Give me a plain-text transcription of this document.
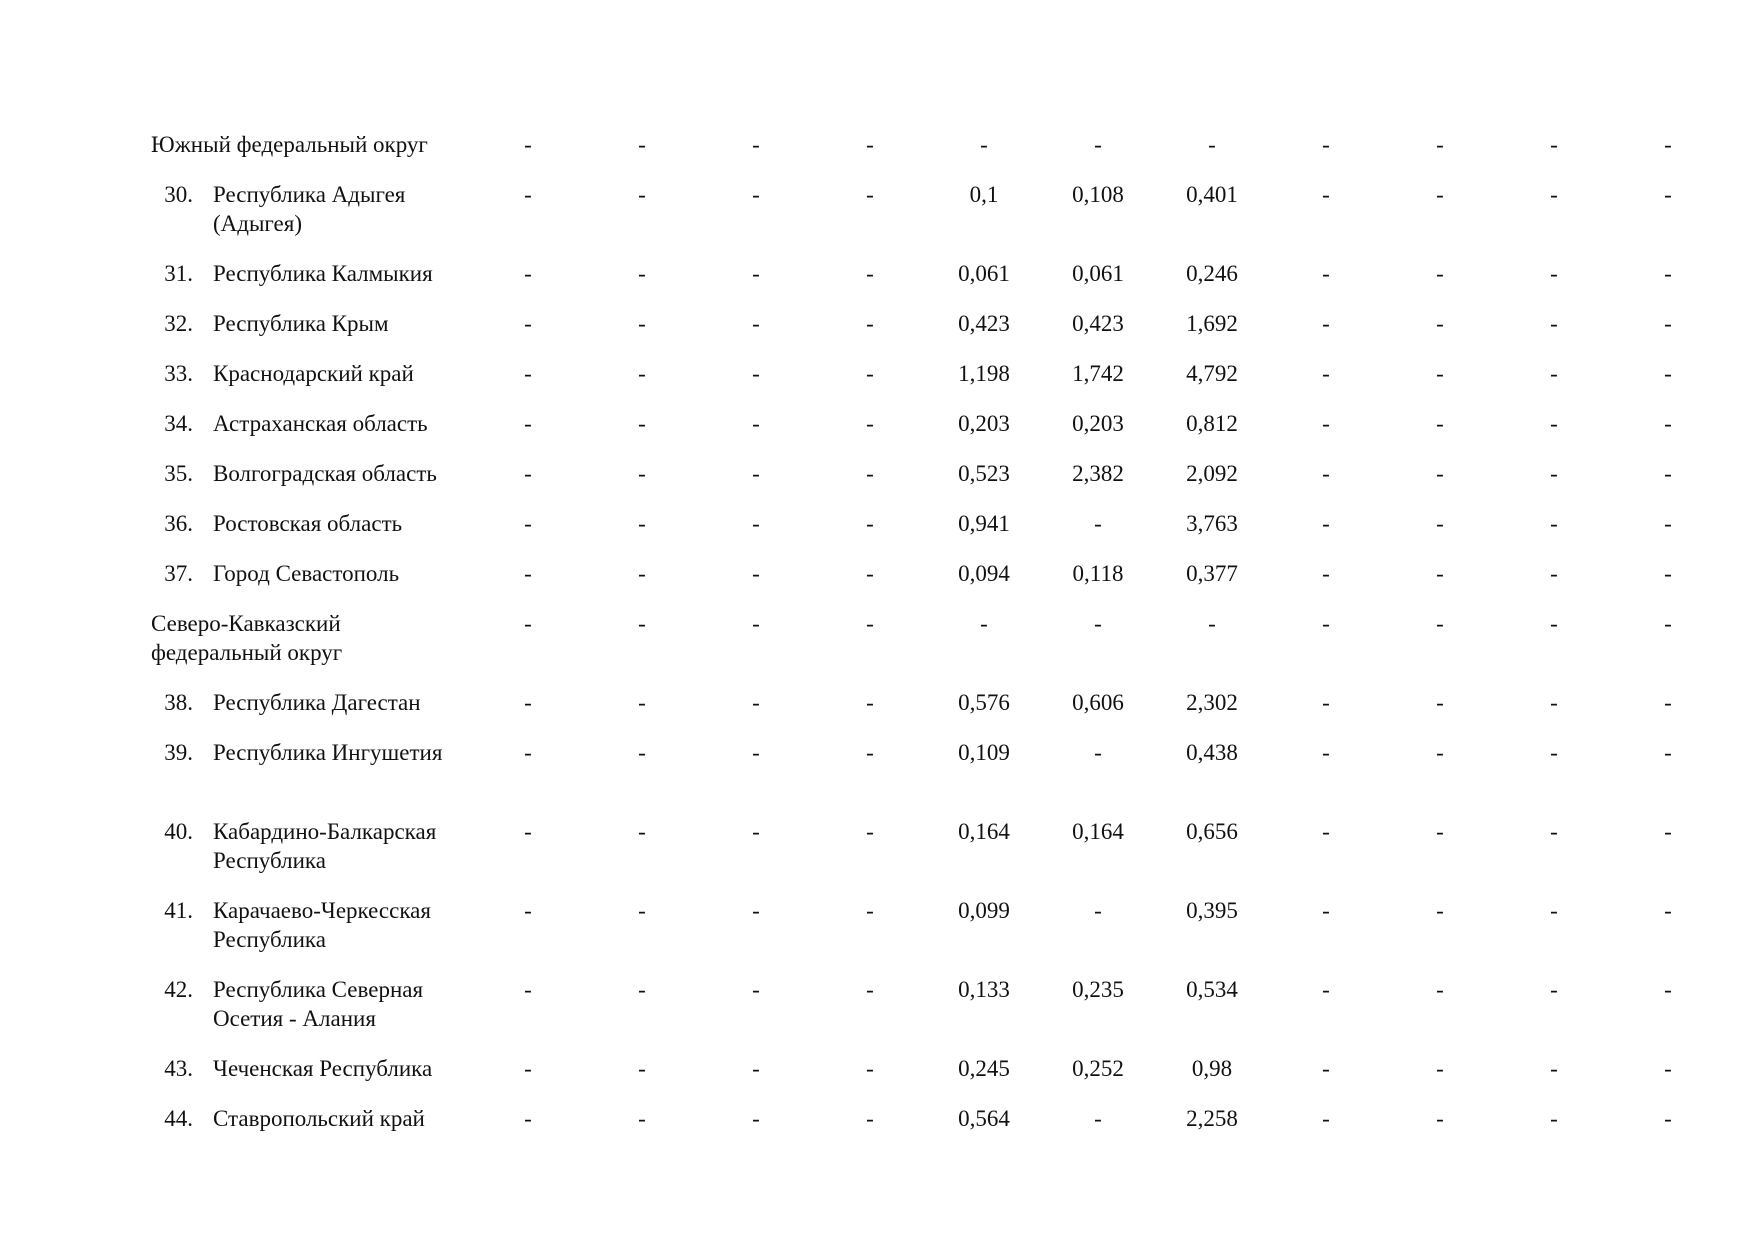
Южный федеральный округ		-	-	-	-	-	-	-	-	-	-	-
30.	Республика Адыгея (Адыгея)	-	-	-	-	0,1	0,108	0,401	-	-	-	-
31.	Республика Калмыкия	-	-	-	-	0,061	0,061	0,246	-	-	-	-
32.	Республика Крым	-	-	-	-	0,423	0,423	1,692	-	-	-	-
33.	Краснодарский край	-	-	-	-	1,198	1,742	4,792	-	-	-	-
34.	Астраханская область	-	-	-	-	0,203	0,203	0,812	-	-	-	-
35.	Волгоградская область	-	-	-	-	0,523	2,382	2,092	-	-	-	-
36.	Ростовская область	-	-	-	-	0,941	-	3,763	-	-	-	-
37.	Город Севастополь	-	-	-	-	0,094	0,118	0,377	-	-	-	-
Северо-Кавказский федеральный округ		-	-	-	-	-	-	-	-	-	-	-
38.	Республика Дагестан	-	-	-	-	0,576	0,606	2,302	-	-	-	-
39.	Республика Ингушетия	-	-	-	-	0,109	-	0,438	-	-	-	-
40.	Кабардино-Балкарская Республика	-	-	-	-	0,164	0,164	0,656	-	-	-	-
41.	Карачаево-Черкесская Республика	-	-	-	-	0,099	-	0,395	-	-	-	-
42.	Республика Северная Осетия - Алания	-	-	-	-	0,133	0,235	0,534	-	-	-	-
43.	Чеченская Республика	-	-	-	-	0,245	0,252	0,98	-	-	-	-
44.	Ставропольский край	-	-	-	-	0,564	-	2,258	-	-	-	-
